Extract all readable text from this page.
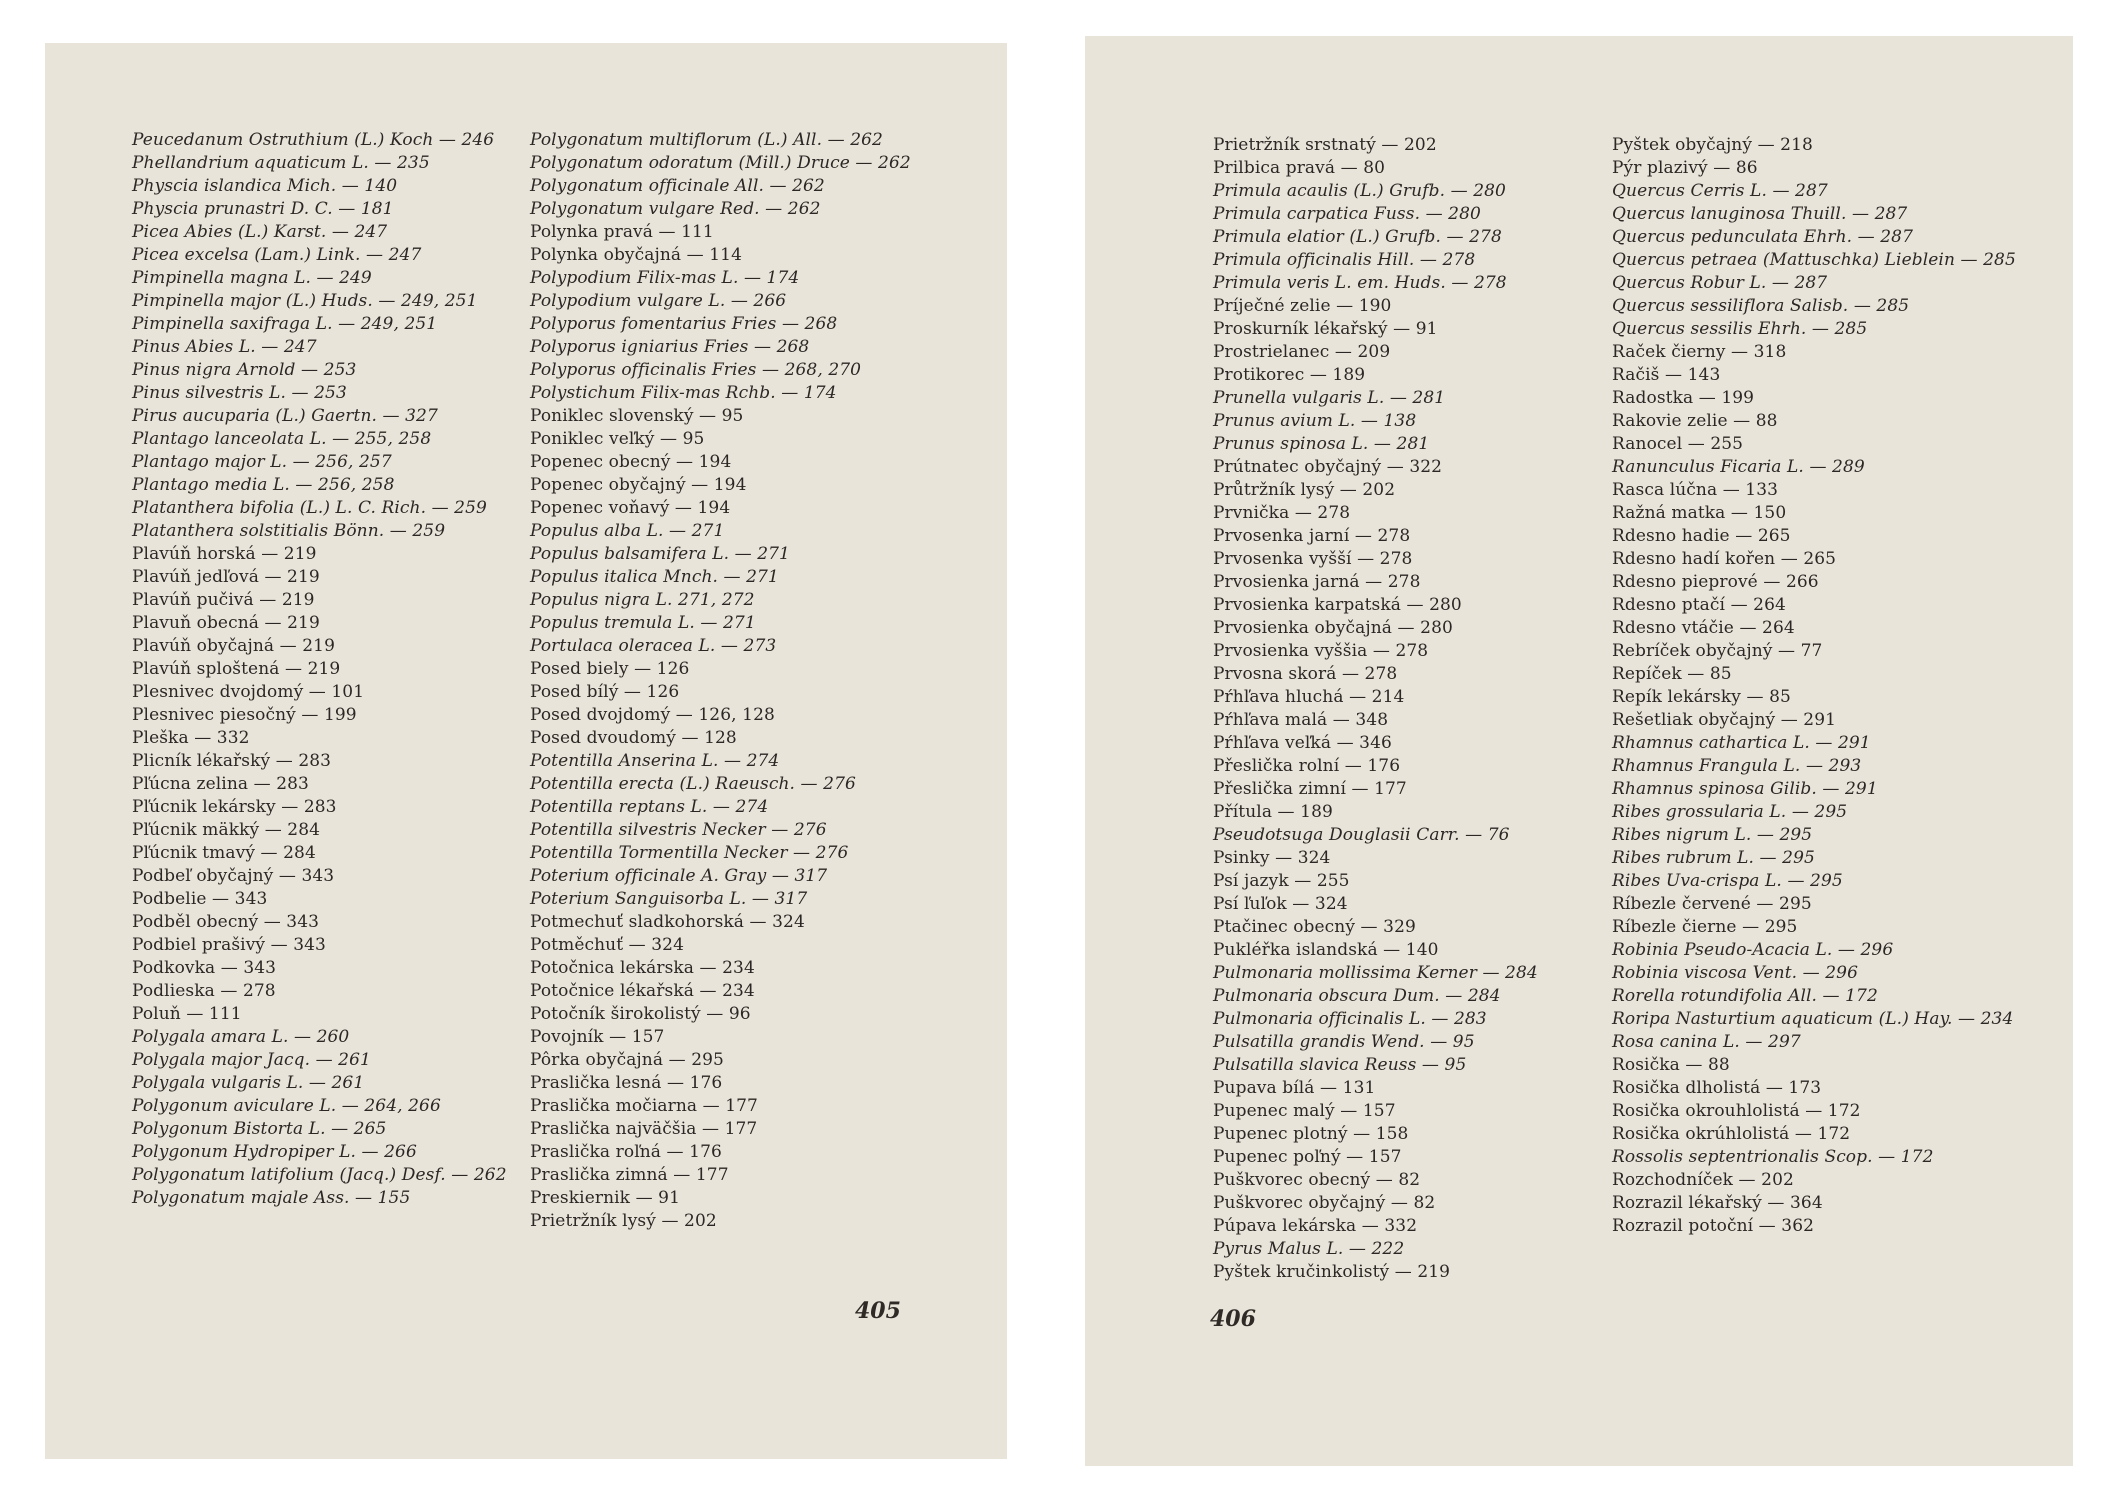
Peucedanum Ostruthium (L.) Koch — 246
Phellandrium aquaticum L. — 235
Physcia islandica Mich. — 140
Physcia prunastri D. C. — 181
Picea Abies (L.) Karst. — 247
Picea excelsa (Lam.) Link. — 247
Pimpinella magna L. — 249
Pimpinella major (L.) Huds. — 249, 251
Pimpinella saxifraga L. — 249, 251
Pinus Abies L. — 247
Pinus nigra Arnold — 253
Pinus silvestris L. — 253
Pirus aucuparia (L.) Gaertn. — 327
Plantago lanceolata L. — 255, 258
Plantago major L. — 256, 257
Plantago media L. — 256, 258
Platanthera bifolia (L.) L. C. Rich. — 259
Platanthera solstitialis Bönn. — 259
Plavúň horská — 219
Plavúň jedľová — 219
Plavúň pučivá — 219
Plavuň obecná — 219
Plavúň obyčajná — 219
Plavúň sploštená — 219
Plesnivec dvojdomý — 101
Plesnivec piesočný — 199
Pleška — 332
Plicník lékařský — 283
Pľúcna zelina — 283
Pľúcnik lekársky — 283
Pľúcnik mäkký — 284
Pľúcnik tmavý — 284
Podbeľ obyčajný — 343
Podbelie — 343
Podběl obecný — 343
Podbiel prašivý — 343
Podkovka — 343
Podlieska — 278
Poluň — 111
Polygala amara L. — 260
Polygala major Jacq. — 261
Polygala vulgaris L. — 261
Polygonum aviculare L. — 264, 266
Polygonum Bistorta L. — 265
Polygonum Hydropiper L. — 266
Polygonatum latifolium (Jacq.) Desf. — 262
Polygonatum majale Ass. — 155
Polygonatum multiflorum (L.) All. — 262
Polygonatum odoratum (Mill.) Druce — 262
Polygonatum officinale All. — 262
Polygonatum vulgare Red. — 262
Polynka pravá — 111
Polynka obyčajná — 114
Polypodium Filix-mas L. — 174
Polypodium vulgare L. — 266
Polyporus fomentarius Fries — 268
Polyporus igniarius Fries — 268
Polyporus officinalis Fries — 268, 270
Polystichum Filix-mas Rchb. — 174
Poniklec slovenský — 95
Poniklec veľký — 95
Popenec obecný — 194
Popenec obyčajný — 194
Popenec voňavý — 194
Populus alba L. — 271
Populus balsamifera L. — 271
Populus italica Mnch. — 271
Populus nigra L. 271, 272
Populus tremula L. — 271
Portulaca oleracea L. — 273
Posed biely — 126
Posed bílý — 126
Posed dvojdomý — 126, 128
Posed dvoudomý — 128
Potentilla Anserina L. — 274
Potentilla erecta (L.) Raeusch. — 276
Potentilla reptans L. — 274
Potentilla silvestris Necker — 276
Potentilla Tormentilla Necker — 276
Poterium officinale A. Gray — 317
Poterium Sanguisorba L. — 317
Potmechuť sladkohorská — 324
Potměchuť — 324
Potočnica lekárska — 234
Potočnice lékařská — 234
Potočník širokolistý — 96
Povojník — 157
Pôrka obyčajná — 295
Praslička lesná — 176
Praslička močiarna — 177
Praslička najväčšia — 177
Praslička roľná — 176
Praslička zimná — 177
Preskiernik — 91
Prietržník lysý — 202
405
Prietržník srstnatý — 202
Prilbica pravá — 80
Primula acaulis (L.) Grufb. — 280
Primula carpatica Fuss. — 280
Primula elatior (L.) Grufb. — 278
Primula officinalis Hill. — 278
Primula veris L. em. Huds. — 278
Príječné zelie — 190
Proskurník lékařský — 91
Prostrielanec — 209
Protikorec — 189
Prunella vulgaris L. — 281
Prunus avium L. — 138
Prunus spinosa L. — 281
Prútnatec obyčajný — 322
Průtržník lysý — 202
Prvnička — 278
Prvosenka jarní — 278
Prvosenka vyšší — 278
Prvosienka jarná — 278
Prvosienka karpatská — 280
Prvosienka obyčajná — 280
Prvosienka vyššia — 278
Prvosna skorá — 278
Pŕhľava hluchá — 214
Pŕhľava malá — 348
Pŕhľava veľká — 346
Přeslička rolní — 176
Přeslička zimní — 177
Přítula — 189
Pseudotsuga Douglasii Carr. — 76
Psinky — 324
Psí jazyk — 255
Psí ľuľok — 324
Ptačinec obecný — 329
Pukléřka islandská — 140
Pulmonaria mollissima Kerner — 284
Pulmonaria obscura Dum. — 284
Pulmonaria officinalis L. — 283
Pulsatilla grandis Wend. — 95
Pulsatilla slavica Reuss — 95
Pupava bílá — 131
Pupenec malý — 157
Pupenec plotný — 158
Pupenec poľný — 157
Puškvorec obecný — 82
Puškvorec obyčajný — 82
Púpava lekárska — 332
Pyrus Malus L. — 222
Pyštek kručinkolistý — 219
Pyštek obyčajný — 218
Pýr plazivý — 86
Quercus Cerris L. — 287
Quercus lanuginosa Thuill. — 287
Quercus pedunculata Ehrh. — 287
Quercus petraea (Mattuschka) Lieblein — 285
Quercus Robur L. — 287
Quercus sessiliflora Salisb. — 285
Quercus sessilis Ehrh. — 285
Raček čierny — 318
Račiš — 143
Radostka — 199
Rakovie zelie — 88
Ranocel — 255
Ranunculus Ficaria L. — 289
Rasca lúčna — 133
Ražná matka — 150
Rdesno hadie — 265
Rdesno hadí kořen — 265
Rdesno pieprové — 266
Rdesno ptačí — 264
Rdesno vtáčie — 264
Rebríček obyčajný — 77
Repíček — 85
Repík lekársky — 85
Rešetliak obyčajný — 291
Rhamnus cathartica L. — 291
Rhamnus Frangula L. — 293
Rhamnus spinosa Gilib. — 291
Ribes grossularia L. — 295
Ribes nigrum L. — 295
Ribes rubrum L. — 295
Ribes Uva-crispa L. — 295
Ríbezle červené — 295
Ríbezle čierne — 295
Robinia Pseudo-Acacia L. — 296
Robinia viscosa Vent. — 296
Rorella rotundifolia All. — 172
Roripa Nasturtium aquaticum (L.) Hay. — 234
Rosa canina L. — 297
Rosička — 88
Rosička dlholistá — 173
Rosička okrouhlolistá — 172
Rosička okrúhlolistá — 172
Rossolis septentrionalis Scop. — 172
Rozchodníček — 202
Rozrazil lékařský — 364
Rozrazil potoční — 362
406
